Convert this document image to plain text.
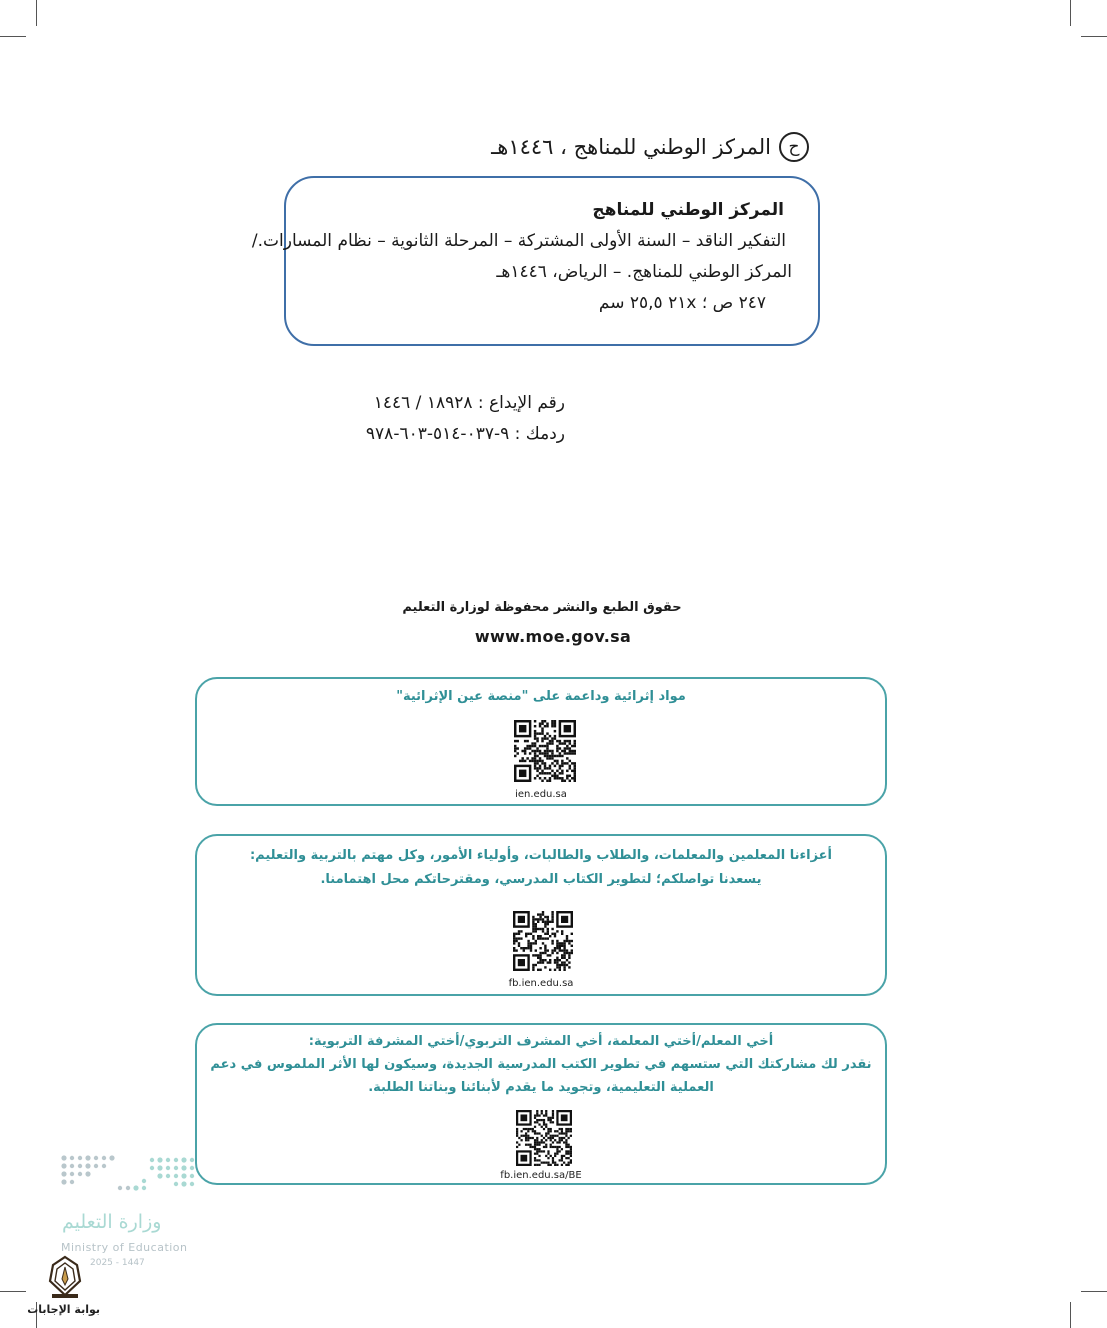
ح
المركز الوطني للمناهج ، ١٤٤٦هـ
المركز الوطني للمناهج
التفكير الناقد – السنة الأولى المشتركة – المرحلة الثانوية – نظام المسارات./
المركز الوطني للمناهج. – الرياض، ١٤٤٦هـ
٢٤٧ ص ؛ ٢١x ٢٥,٥ سم
رقم الإيداع : ١٨٩٢٨ / ١٤٤٦
ردمك : ٩-٠٣٧-٥١٤-٦٠٣-٩٧٨
حقوق الطبع والنشر محفوظة لوزارة التعليم
www.moe.gov.sa
مواد إثرائية وداعمة على "منصة عين الإثرائية"
ien.edu.sa
أعزاءنا المعلمين والمعلمات، والطلاب والطالبات، وأولياء الأمور، وكل مهتم بالتربية والتعليم:
يسعدنا تواصلكم؛ لتطوير الكتاب المدرسي، ومقترحاتكم محل اهتمامنا.
fb.ien.edu.sa
أخي المعلم/أختي المعلمة، أخي المشرف التربوي/أختي المشرفة التربوية:
نقدر لك مشاركتك التي ستسهم في تطوير الكتب المدرسية الجديدة، وسيكون لها الأثر الملموس في دعم
العملية التعليمية، وتجويد ما يقدم لأبنائنا وبناتنا الطلبة.
fb.ien.edu.sa/BE
وزارة التعليم
Ministry of Education
2025 - 1447
بوابة الإجابات
